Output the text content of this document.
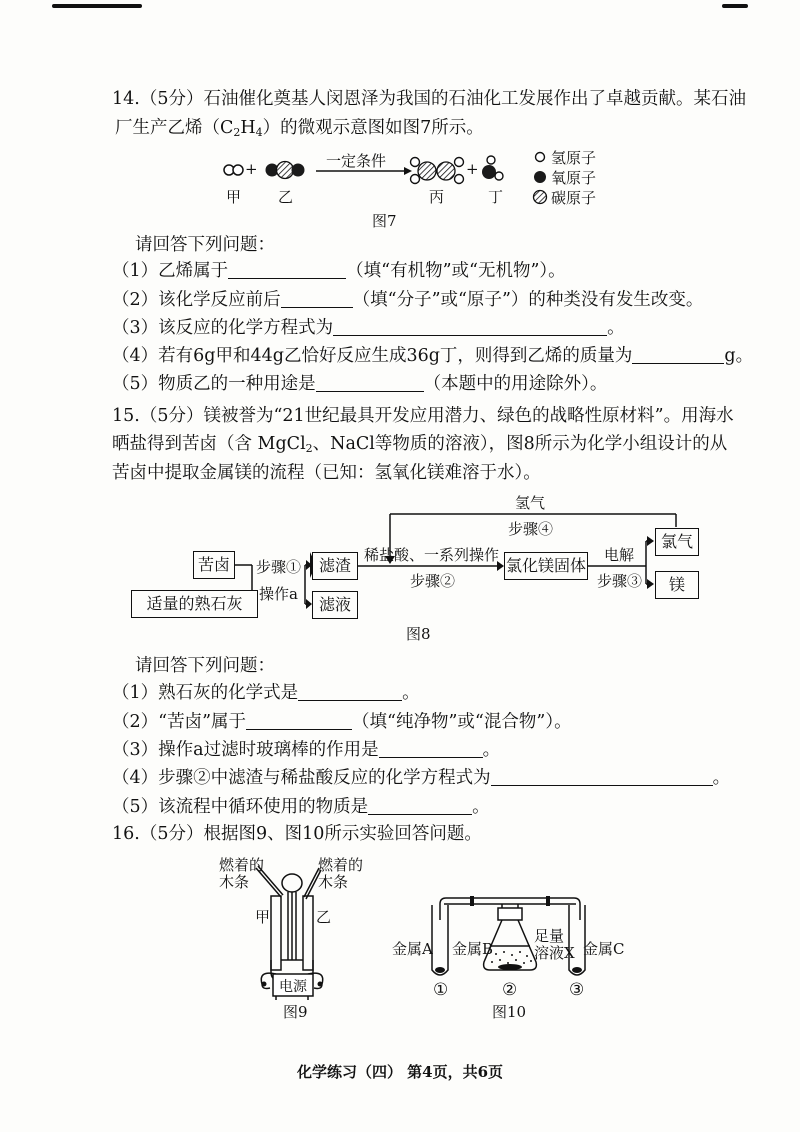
14.（5分）石油催化奠基人闵恩泽为我国的石油化工发展作出了卓越贡献。某石油
厂生产乙烯$(C_2H_4)$的微观示意图如图7所示。
+	+
一定条件
甲 乙	丙	丁
氢原子
氧原子
碳原子
图7
请回答下列问题：
（1）乙烯属于	（填“有机物”或“无机物”）。
（2）该化学反应前后	（填“分子”或“原子”）的种类没有发生改变。
（3）该反应的化学方程式为	。
（4）若有6g甲和44g乙恰好反应生成36g丁，则得到乙烯的质量为	g。
（5）物质乙的一种用途是	（本题中的用途除外）。
15.（5分）镁被誉为“21世纪最具开发应用潜力、绿色的战略性原材料”。用海水
晒盐得到苦卤（含 MgCl$_2$、NaCl等物质的溶液），图8所示为化学小组设计的从
苦卤中提取金属镁的流程（已知：氢氧化镁难溶于水）。
苦卤
适量的熟石灰
滤渣
滤液
氯化镁固体
氯气
镁
步骤①
操作a
稀盐酸、一系列操作
步骤②
电解
步骤③
氢气
步骤④
图8
请回答下列问题：
（1）熟石灰的化学式是	。
（2）“苦卤”属于	（填“纯净物”或“混合物”）。
（3）操作a过滤时玻璃棒的作用是	。
（4）步骤②中滤渣与稀盐酸反应的化学方程式为	。
（5）该流程中循环使用的物质是	。
16.（5分）根据图9、图10所示实验回答问题。
燃着的
木条
燃着的
木条
甲	乙
电源
图9
金属A 金属B
足量
溶液X 金属C
①	②	③
图10
化学练习（四） 第4页，共6页
